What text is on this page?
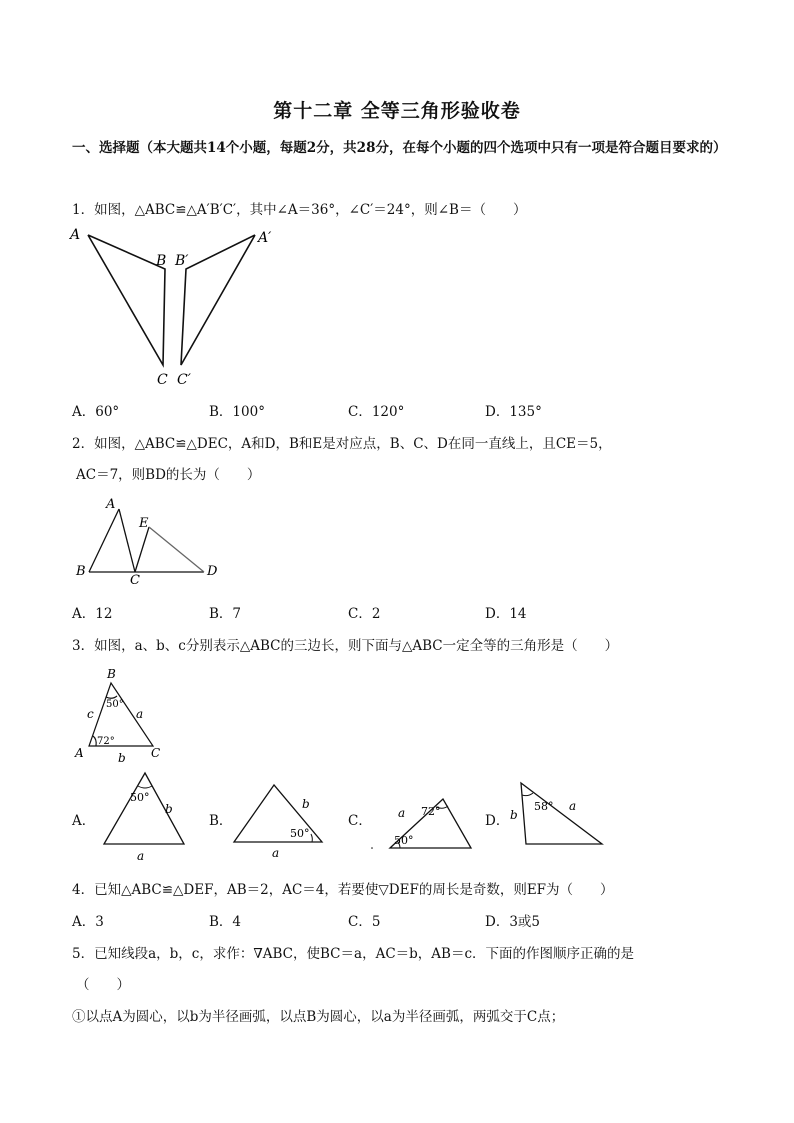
第十二章 全等三角形验收卷
一、选择题（本大题共14个小题，每题2分，共28分，在每个小题的四个选项中只有一项是符合题目要求的）
1．如图，△ABC≌△A′B′C′，其中∠A＝36°，∠C′＝24°，则∠B＝（　　）
A
B B′
A′
C C′
A．60°	B．100°	C．120°	D．135°
2．如图，△ABC≌△DEC，A和D，B和E是对应点，B、C、D在同一直线上，且CE＝5，
AC＝7，则BD的长为（　　）
A
E
B
C
D
A．12	B．7	C．2	D．14
3．如图，a、b、c分别表示△ABC的三边长，则下面与△ABC一定全等的三角形是（　　）
B
A	C
c	a
b
50°
72°
A．
50°
b
a
B．
50°
b
a
C．
72°
50°
a	D．
58°
b
a
4．已知△ABC≌△DEF，AB＝2，AC＝4，若要使▽DEF的周长是奇数，则EF为（　　）
A．3	B．4	C．5	D．3或5
5．已知线段a，b，c，求作：∇ABC，使BC＝a，AC＝b，AB＝c．下面的作图顺序正确的是
（　　）
①以点A为圆心，以b为半径画弧，以点B为圆心，以a为半径画弧，两弧交于C点；
